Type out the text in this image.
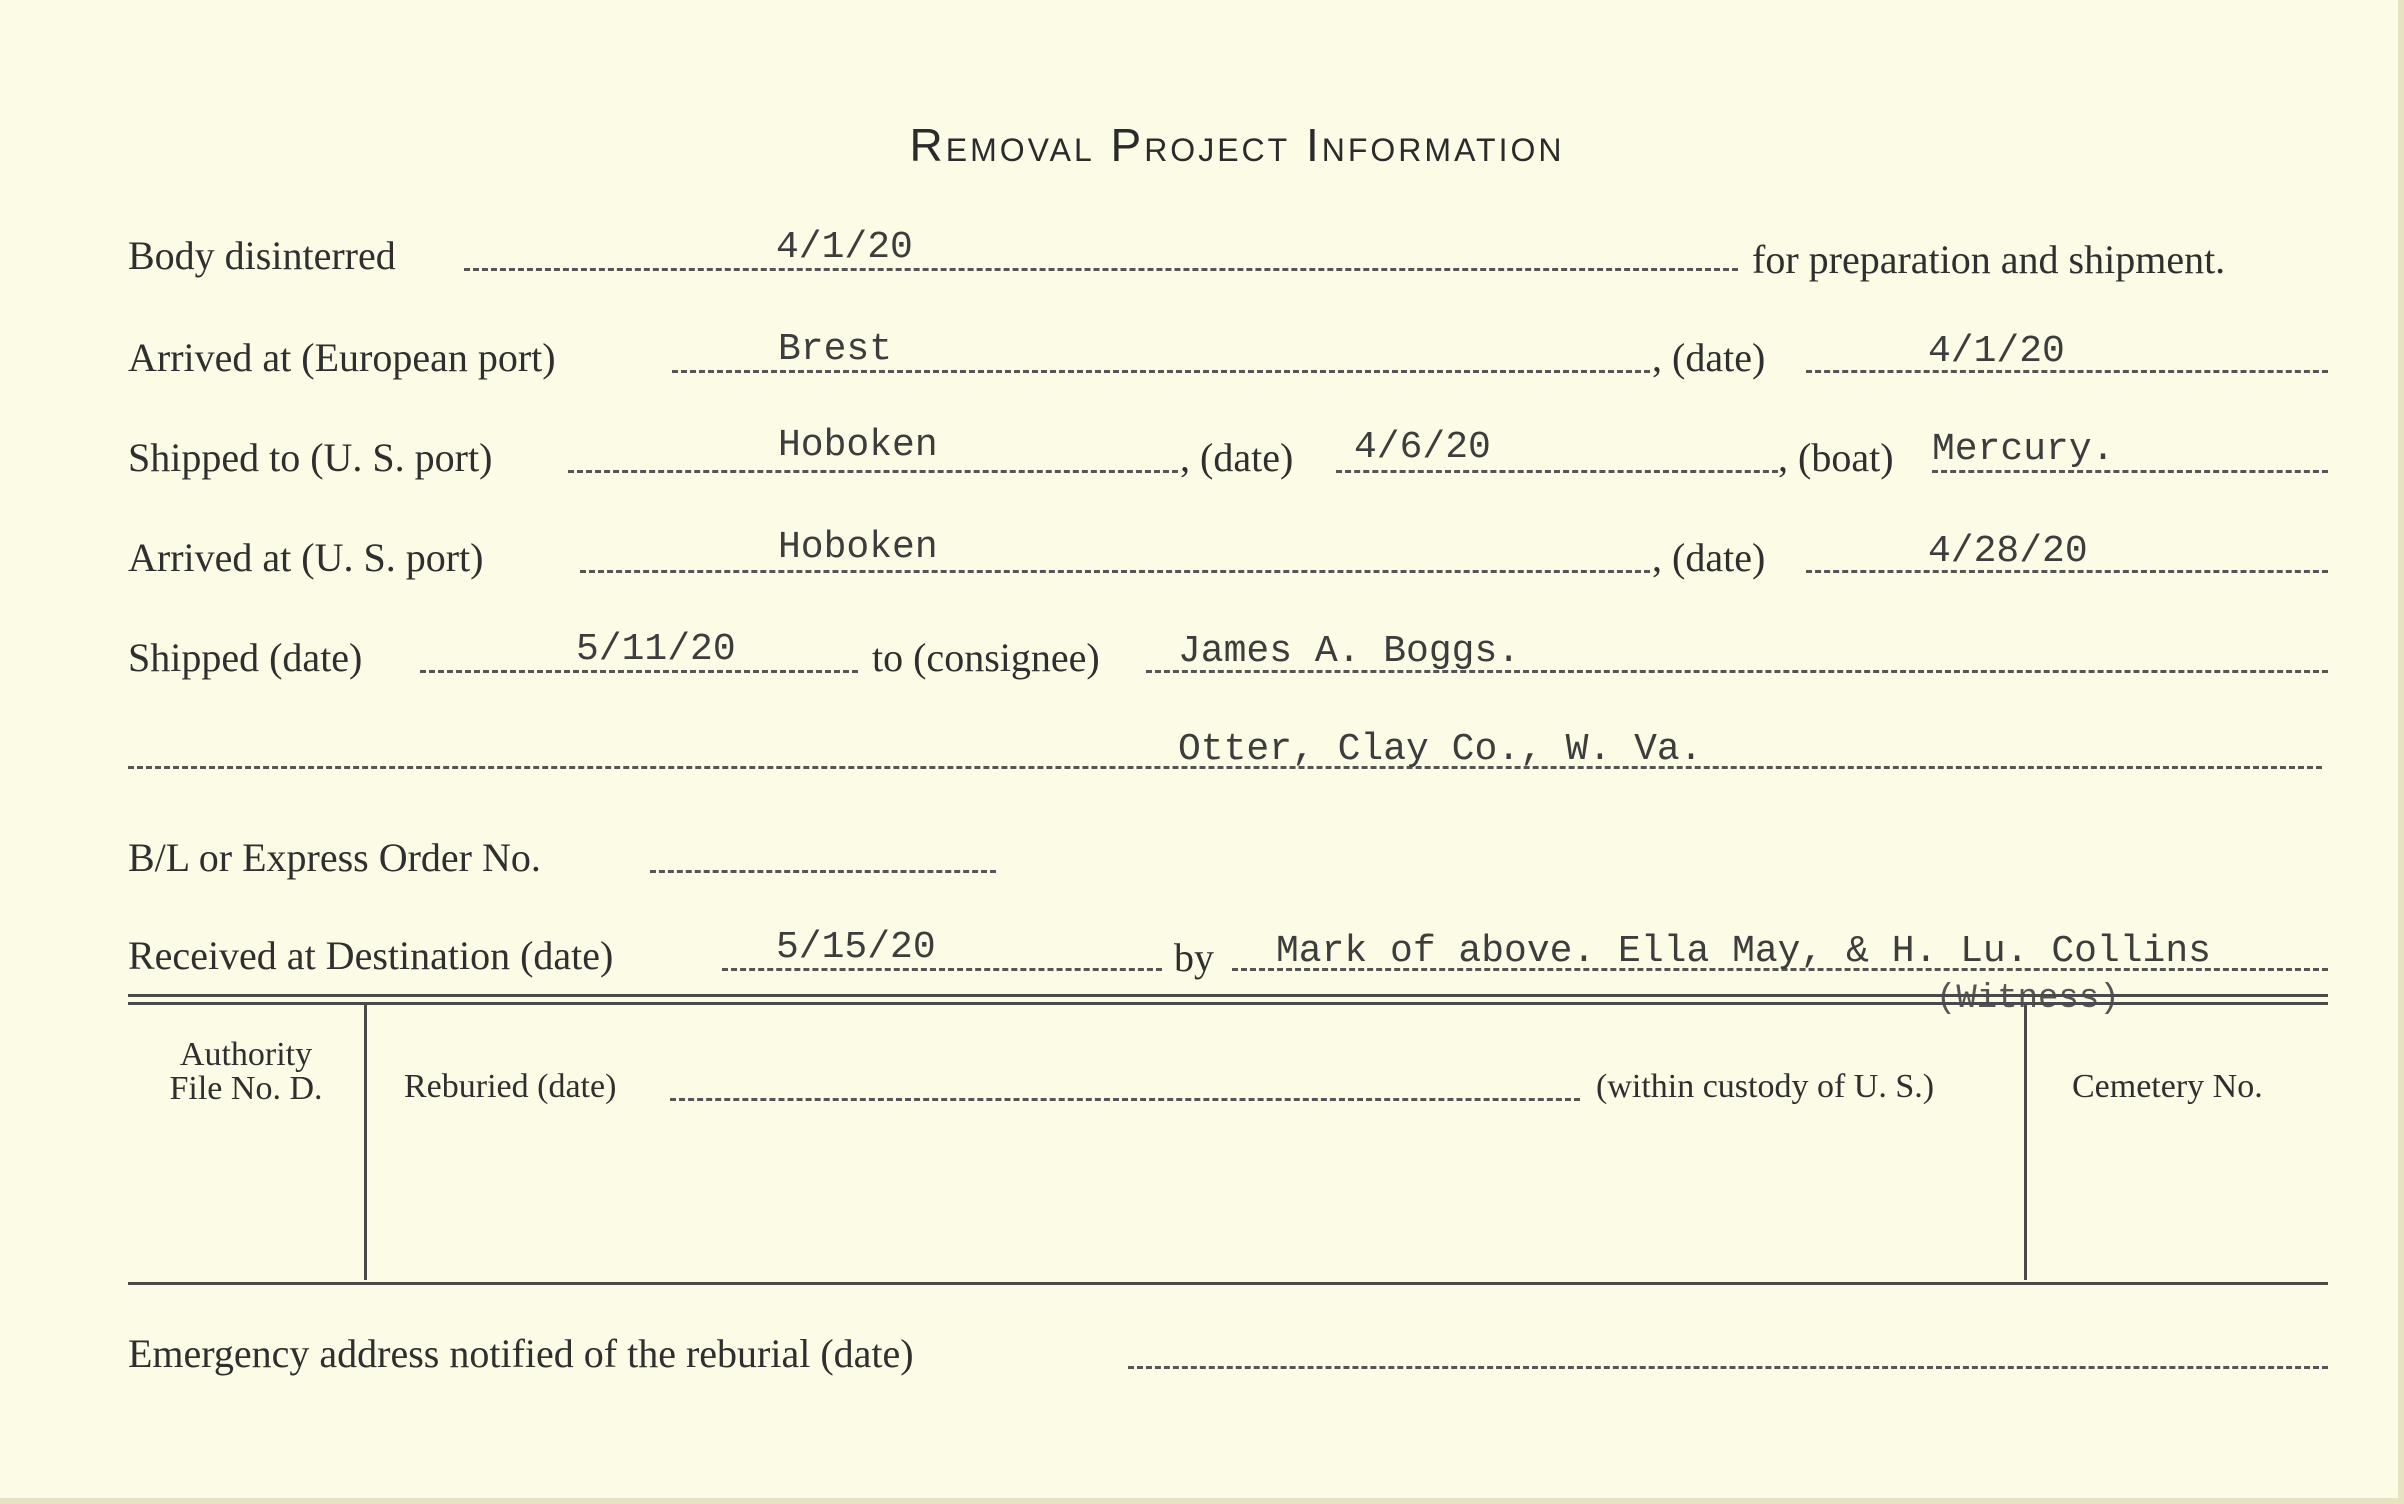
Removal Project Information
Body disinterred	4/1/20	for preparation and shipment.
Arrived at (European port)	Brest	, (date)	4/1/20
Shipped to (U. S. port)	Hoboken	, (date) 4/6/20	, (boat) Mercury.
Arrived at (U. S. port)	Hoboken	, (date)	4/28/20
Shipped (date)	5/11/20	to (consignee) James A. Boggs.
Otter, Clay Co., W. Va.
B/L or Express Order No.
Received at Destination (date)	5/15/20	by Mark of above. Ella May, & H. Lu. Collins
(Witness)
Authority
File No. D.	Reburied (date)	(within custody of U. S.)	Cemetery No.
Emergency address notified of the reburial (date)
